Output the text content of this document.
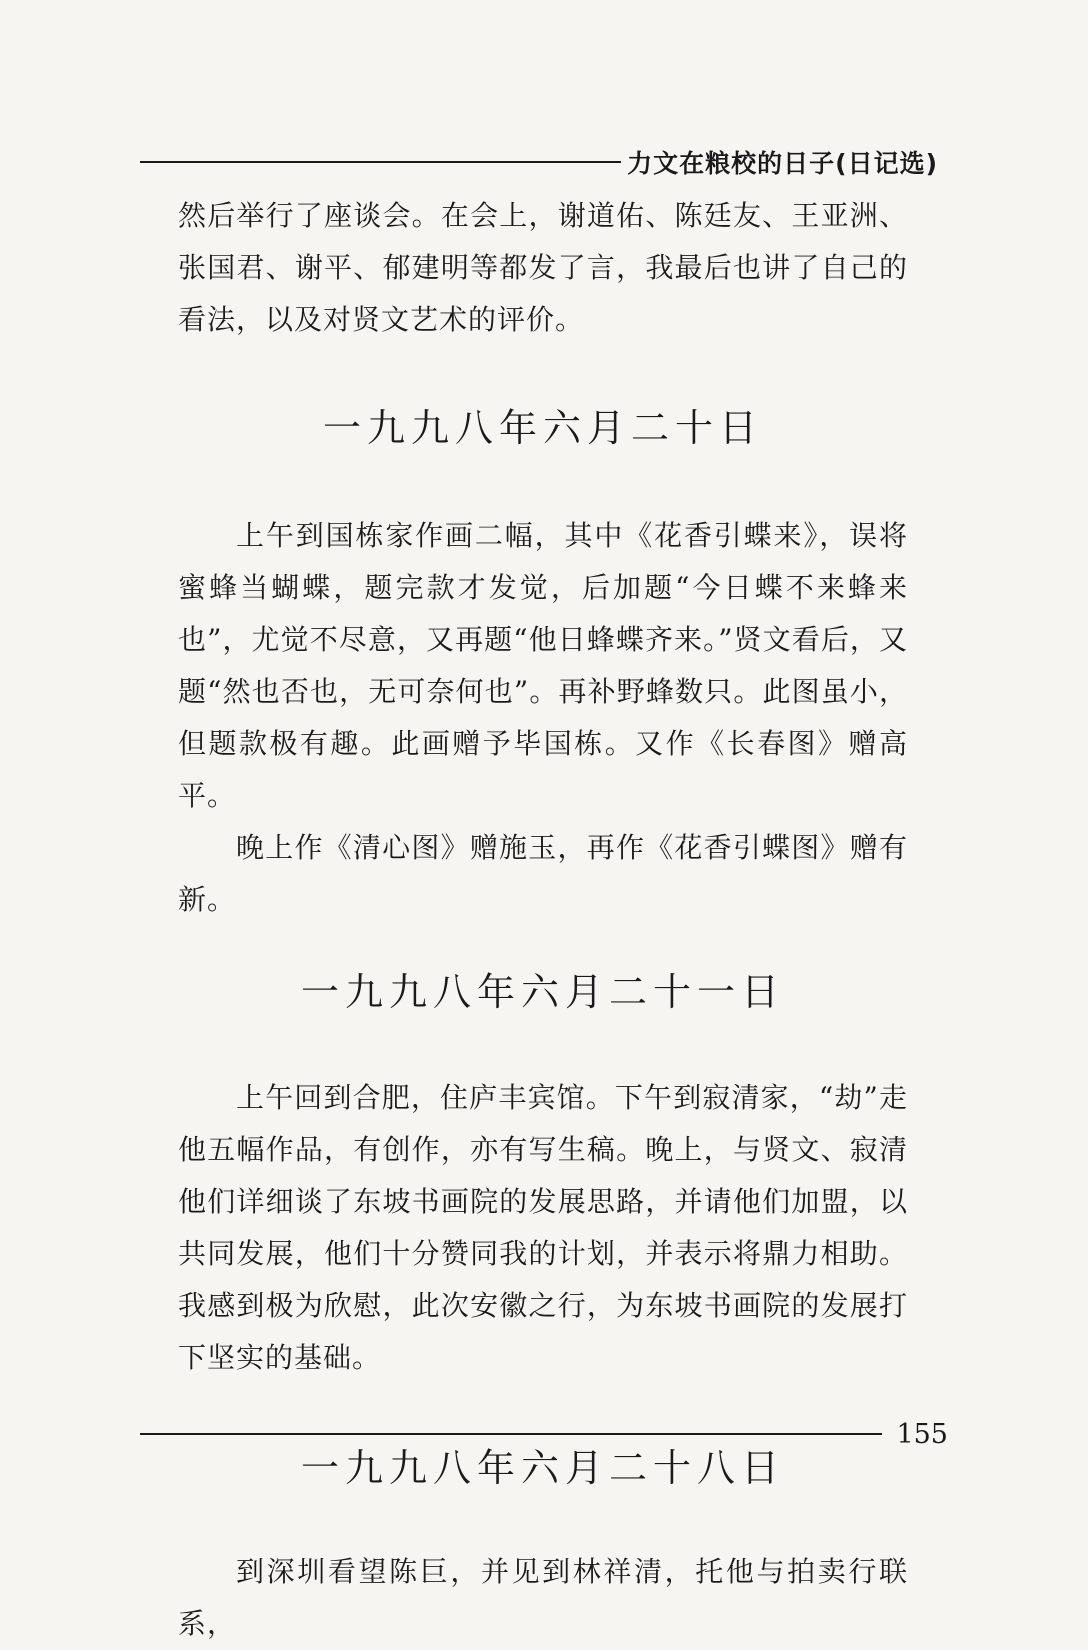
力文在粮校的日子(日记选)

然后举行了座谈会。在会上，谢道佑、陈廷友、王亚洲、张国君、谢平、郁建明等都发了言，我最后也讲了自己的看法，以及对贤文艺术的评价。

一九九八年六月二十日

上午到国栋家作画二幅，其中《花香引蝶来》，误将蜜蜂当蝴蝶，题完款才发觉，后加题“今日蝶不来蜂来也”，尤觉不尽意，又再题“他日蜂蝶齐来。”贤文看后，又题“然也否也，无可奈何也”。再补野蜂数只。此图虽小，但题款极有趣。此画赠予毕国栋。又作《长春图》赠高平。

晚上作《清心图》赠施玉，再作《花香引蝶图》赠有新。

一九九八年六月二十一日

上午回到合肥，住庐丰宾馆。下午到寂清家，“劫”走他五幅作品，有创作，亦有写生稿。晚上，与贤文、寂清他们详细谈了东坡书画院的发展思路，并请他们加盟，以共同发展，他们十分赞同我的计划，并表示将鼎力相助。我感到极为欣慰，此次安徽之行，为东坡书画院的发展打下坚实的基础。

一九九八年六月二十八日

到深圳看望陈巨，并见到林祥清，托他与拍卖行联系，

155
